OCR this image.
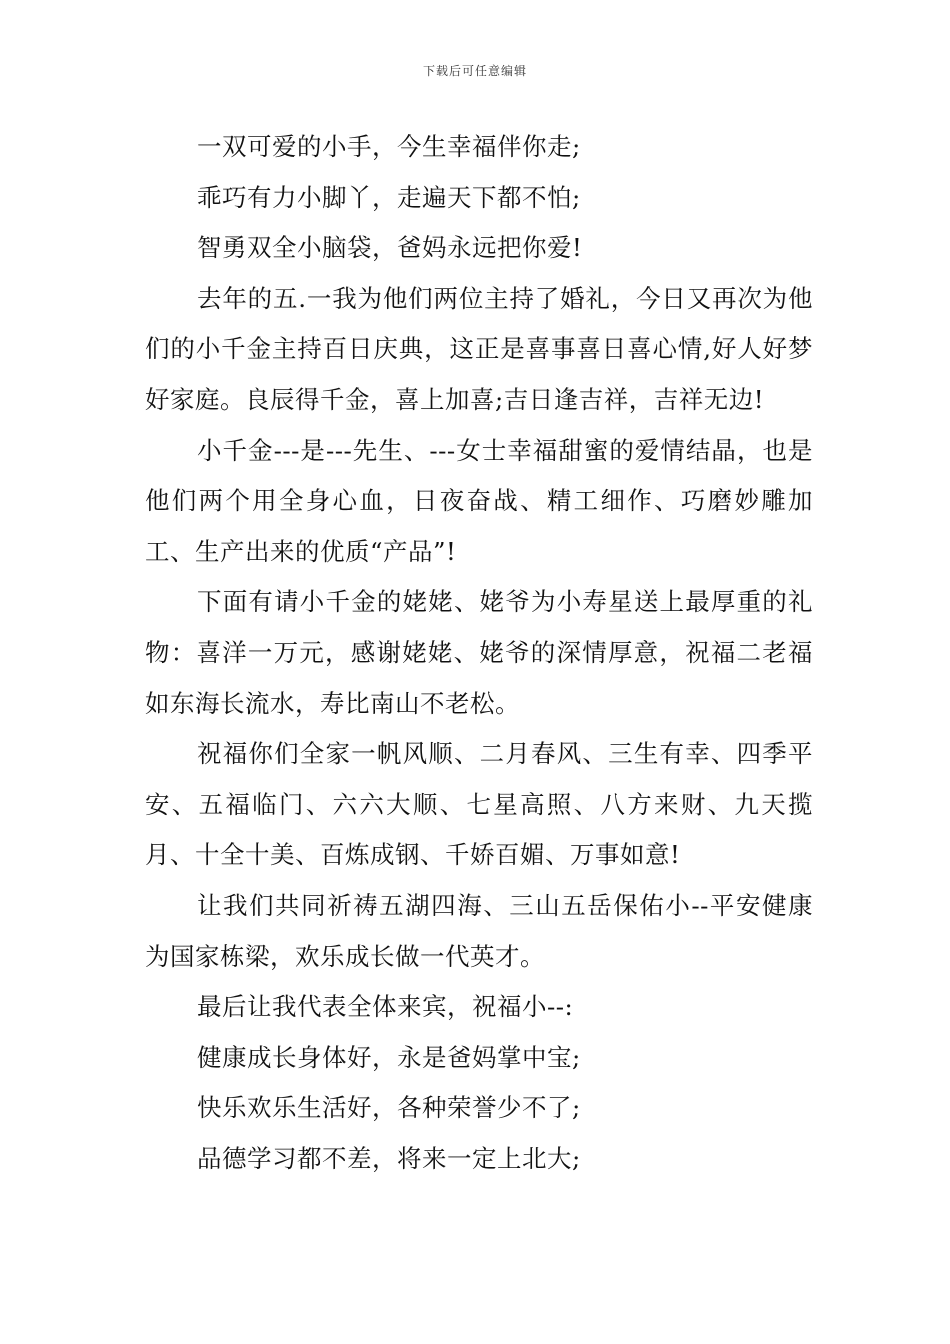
下载后可任意编辑

一双可爱的小手，今生幸福伴你走;

乖巧有力小脚丫，走遍天下都不怕;

智勇双全小脑袋，爸妈永远把你爱!

去年的五.一我为他们两位主持了婚礼，今日又再次为他们的小千金主持百日庆典，这正是喜事喜日喜心情,好人好梦好家庭。良辰得千金，喜上加喜;吉日逢吉祥，吉祥无边!

小千金---是---先生、---女士幸福甜蜜的爱情结晶，也是他们两个用全身心血，日夜奋战、精工细作、巧磨妙雕加工、生产出来的优质“产品”!

下面有请小千金的姥姥、姥爷为小寿星送上最厚重的礼物：喜洋一万元，感谢姥姥、姥爷的深情厚意，祝福二老福如东海长流水，寿比南山不老松。

祝福你们全家一帆风顺、二月春风、三生有幸、四季平安、五福临门、六六大顺、七星高照、八方来财、九天揽月、十全十美、百炼成钢、千娇百媚、万事如意!

让我们共同祈祷五湖四海、三山五岳保佑小--平安健康为国家栋梁，欢乐成长做一代英才。

最后让我代表全体来宾，祝福小--:

健康成长身体好，永是爸妈掌中宝;

快乐欢乐生活好，各种荣誉少不了;

品德学习都不差，将来一定上北大;
